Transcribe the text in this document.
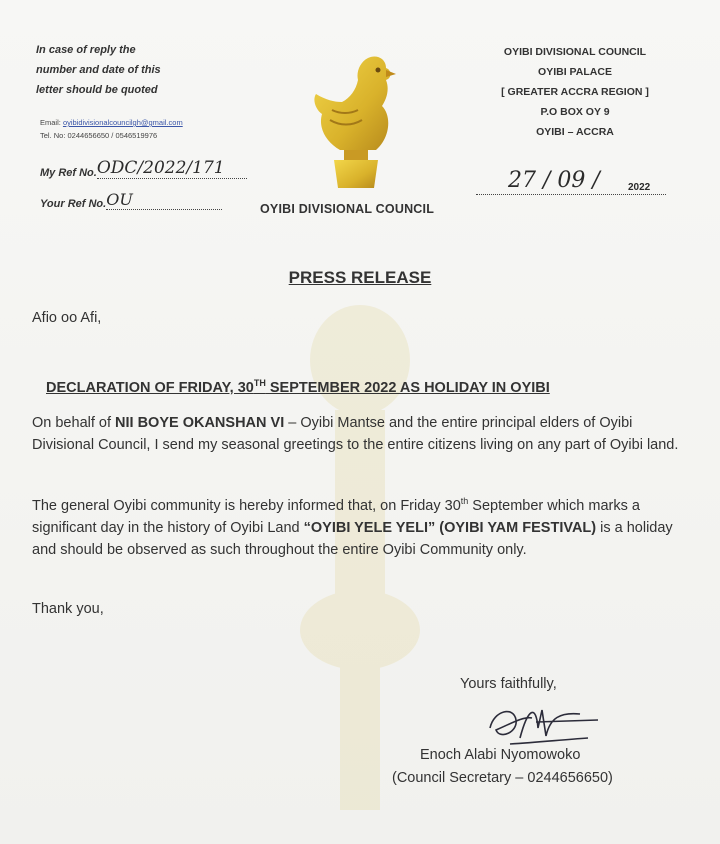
In case of reply the
number and date of this
letter should be quoted
Email: oyibidivisionalcouncilgh@gmail.com
Tel. No: 0244656650 / 0546519976
My Ref No.ODC/2022/171
Your Ref No.OU
OYIBI DIVISIONAL COUNCIL
OYIBI PALACE
[ GREATER ACCRA REGION ]
P.O BOX OY 9
OYIBI – ACCRA
27 / 09 /	2022
OYIBI DIVISIONAL COUNCIL
PRESS RELEASE
Afio oo Afi,
DECLARATION OF FRIDAY, 30TH SEPTEMBER 2022 AS HOLIDAY IN OYIBI
On behalf of NII BOYE OKANSHAN VI – Oyibi Mantse and the entire principal elders of Oyibi Divisional Council, I send my seasonal greetings to the entire citizens living on any part of Oyibi land.
The general Oyibi community is hereby informed that, on Friday 30th September which marks a significant day in the history of Oyibi Land “OYIBI YELE YELI” (OYIBI YAM FESTIVAL) is a holiday and should be observed as such throughout the entire Oyibi Community only.
Thank you,
Yours faithfully,
Enoch Alabi Nyomowoko
(Council Secretary – 0244656650)
